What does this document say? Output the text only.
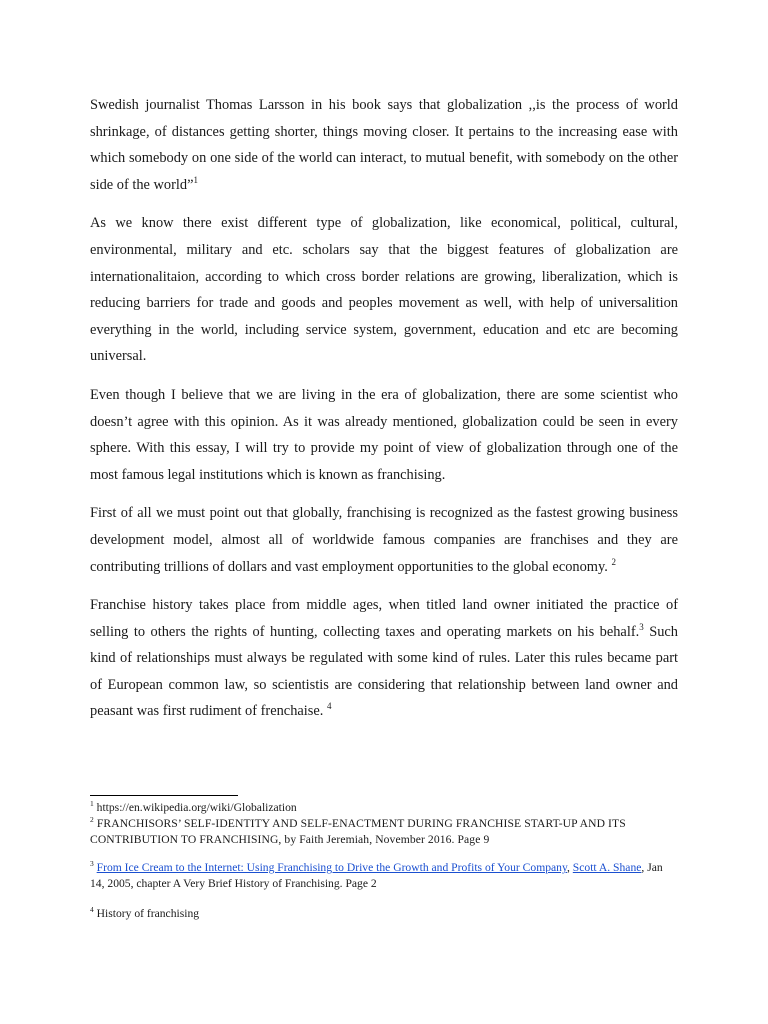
Swedish journalist Thomas Larsson in his book says that globalization ,,is the process of world shrinkage, of distances getting shorter, things moving closer. It pertains to the increasing ease with which somebody on one side of the world can interact, to mutual benefit, with somebody on the other side of the world”$^1$

As we know there exist different type of globalization, like economical, political, cultural, environmental, military and etc. scholars say that the biggest features of globalization are internationalitaion, according to which cross border relations are growing, liberalization, which is reducing barriers for trade and goods and peoples movement as well, with help of universalition everything in the world, including service system, government, education and etc are becoming universal.

Even though I believe that we are living in the era of globalization, there are some scientist who doesn’t agree with this opinion. As it was already mentioned, globalization could be seen in every sphere. With this essay, I will try to provide my point of view of globalization through one of the most famous legal institutions which is known as franchising.

First of all we must point out that globally, franchising is recognized as the fastest growing business development model, almost all of worldwide famous companies are franchises and they are contributing trillions of dollars and vast employment opportunities to the global economy. $^2$

Franchise history takes place from middle ages, when titled land owner initiated the practice of selling to others the rights of hunting, collecting taxes and operating markets on his behalf.$^3$ Such kind of relationships must always be regulated with some kind of rules. Later this rules became part of European common law, so scientistis are considering that relationship between land owner and peasant was first rudiment of frenchaise. $^4$

$^1$ https://en.wikipedia.org/wiki/Globalization

$^2$ FRANCHISORS’ SELF-IDENTITY AND SELF-ENACTMENT DURING FRANCHISE START-UP AND ITS CONTRIBUTION TO FRANCHISING, by Faith Jeremiah, November 2016. Page 9

$^3$ From Ice Cream to the Internet: Using Franchising to Drive the Growth and Profits of Your Company, Scott A. Shane, Jan 14, 2005, chapter A Very Brief History of Franchising. Page 2

$^4$ History of franchising
